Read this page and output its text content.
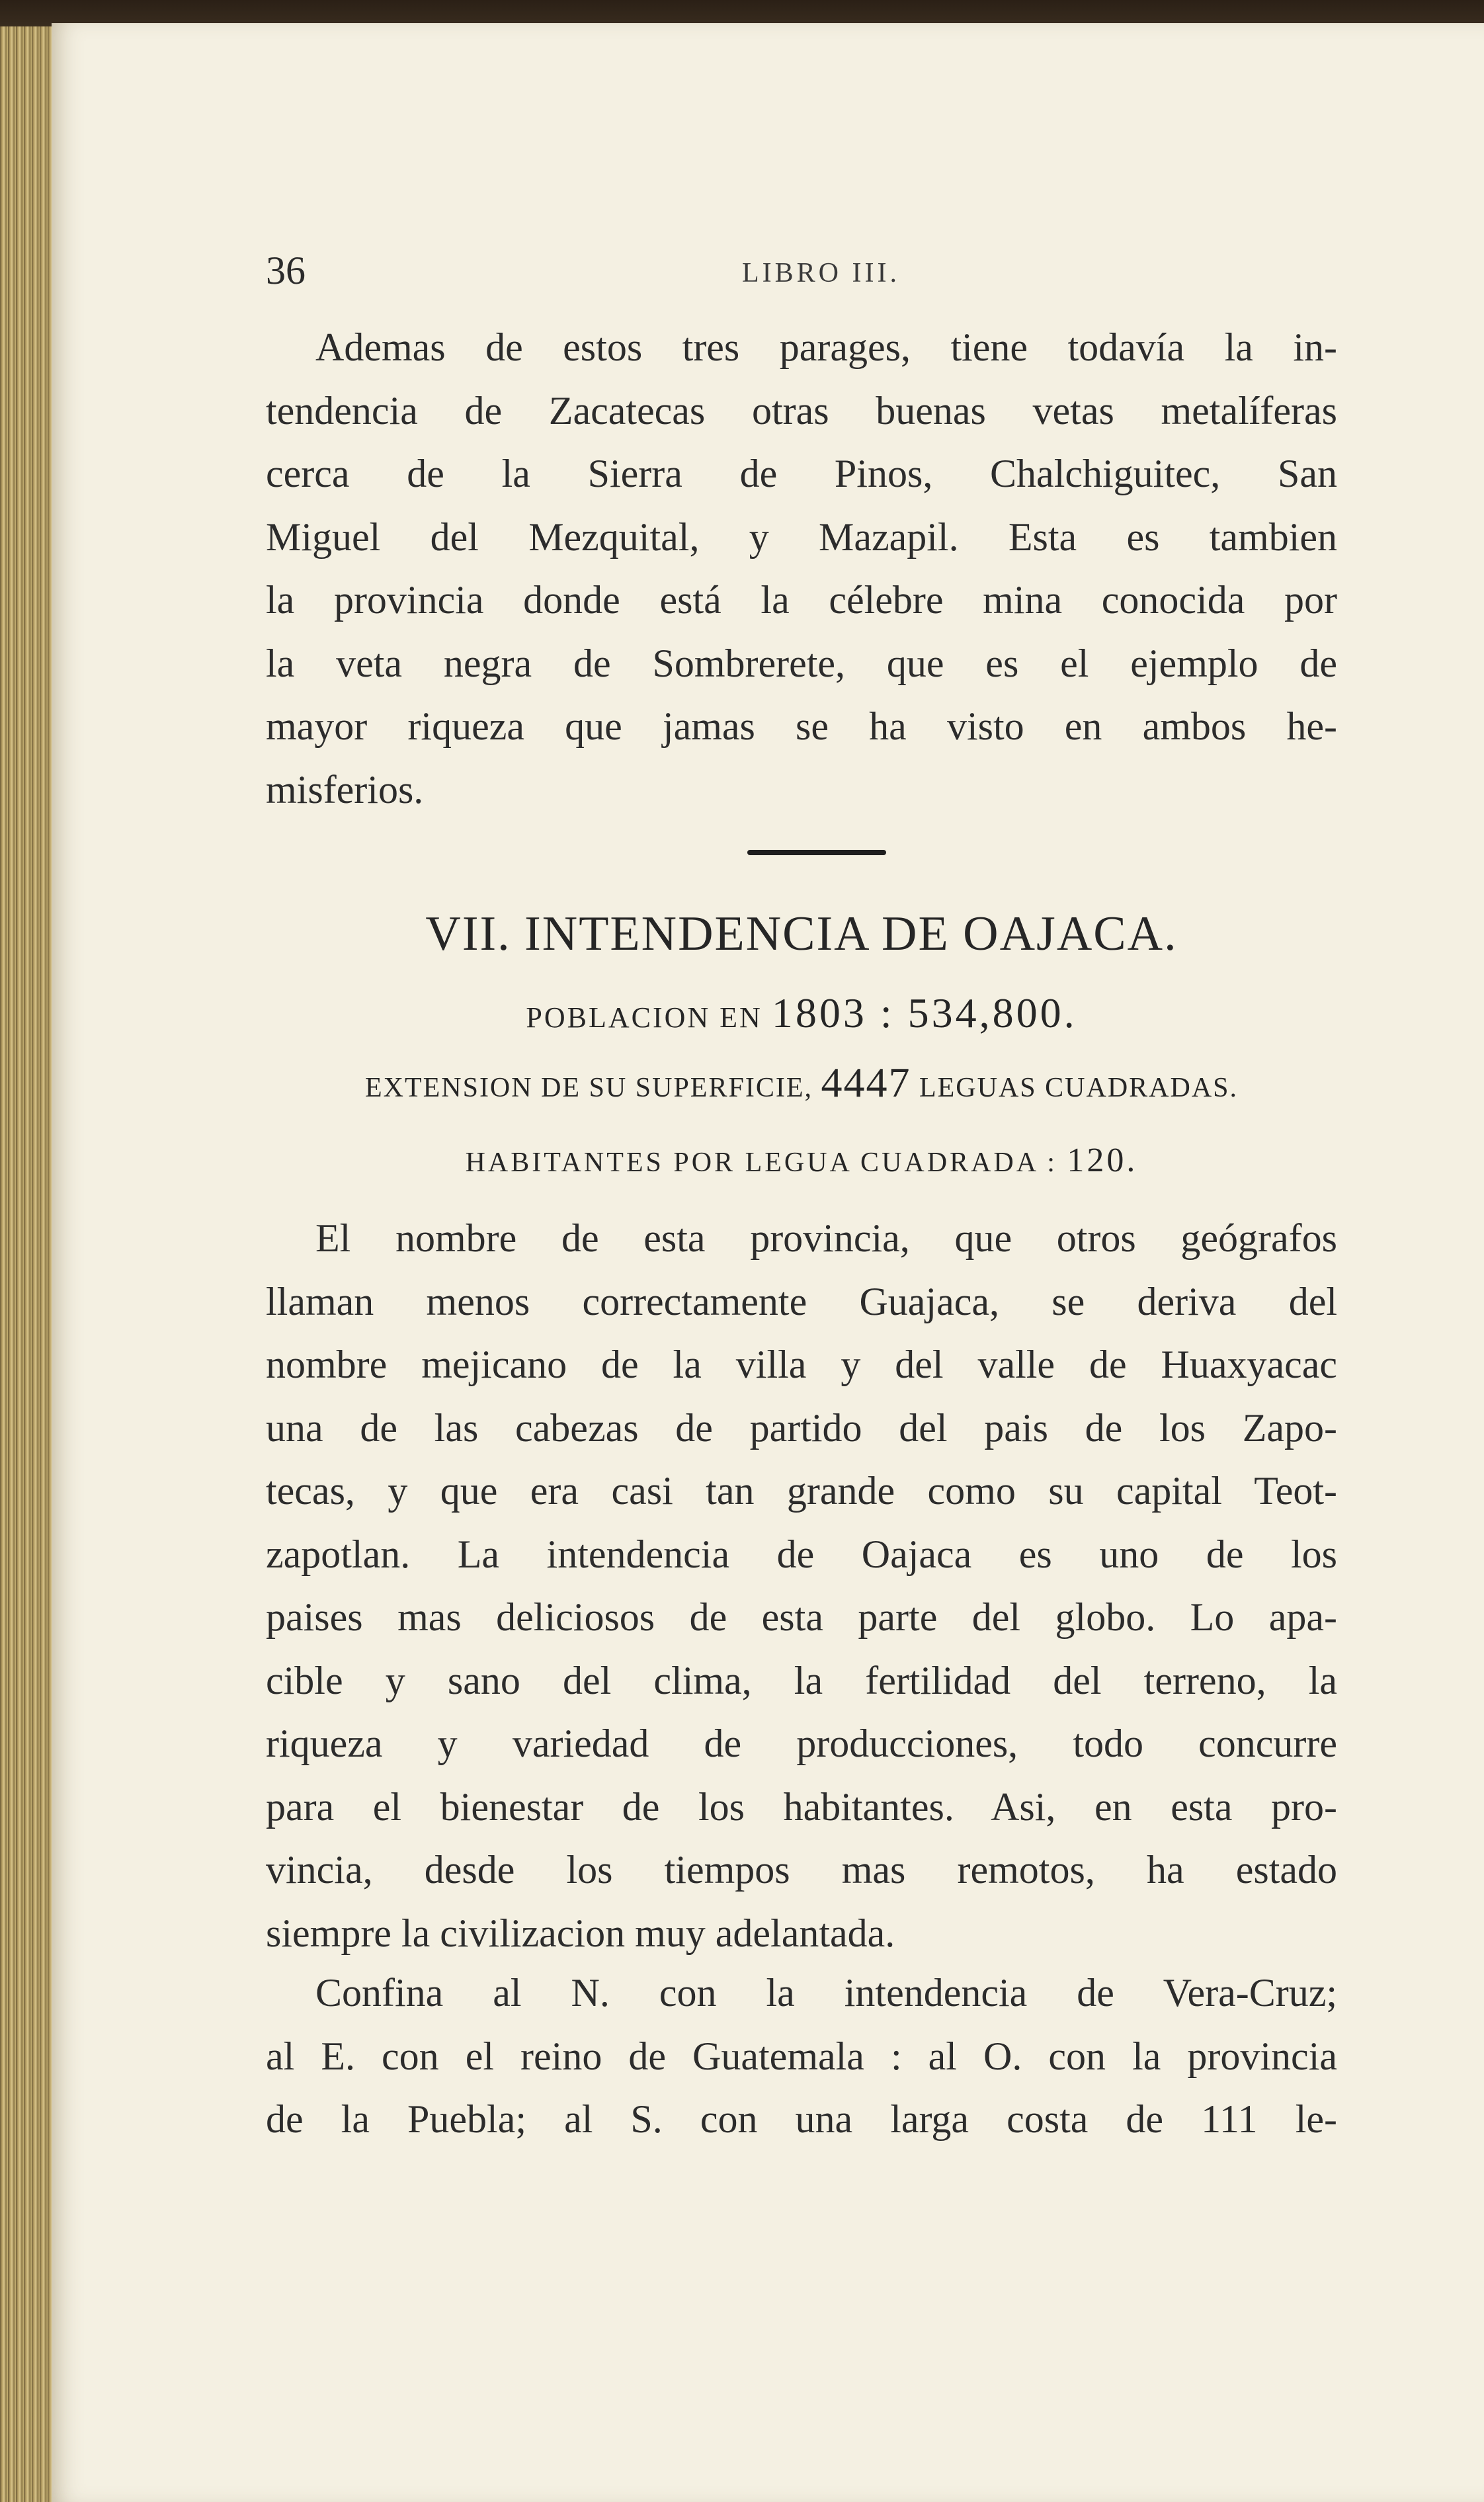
36	LIBRO III.
Ademas de estos tres parages, tiene todavía la in-
tendencia de Zacatecas otras buenas vetas metalíferas
cerca de la Sierra de Pinos, Chalchiguitec, San
Miguel del Mezquital, y Mazapil. Esta es tambien
la provincia donde está la célebre mina conocida por
la veta negra de Sombrerete, que es el ejemplo de
mayor riqueza que jamas se ha visto en ambos he-
misferios.

VII. INTENDENCIA DE OAJACA.

POBLACION EN 1803 : 534,800.

EXTENSION DE SU SUPERFICIE, 4447 LEGUAS CUADRADAS.

HABITANTES POR LEGUA CUADRADA : 120.

El nombre de esta provincia, que otros geógrafos
llaman menos correctamente Guajaca, se deriva del
nombre mejicano de la villa y del valle de Huaxyacac
una de las cabezas de partido del pais de los Zapo-
tecas, y que era casi tan grande como su capital Teot-
zapotlan. La intendencia de Oajaca es uno de los
paises mas deliciosos de esta parte del globo. Lo apa-
cible y sano del clima, la fertilidad del terreno, la
riqueza y variedad de producciones, todo concurre
para el bienestar de los habitantes. Asi, en esta pro-
vincia, desde los tiempos mas remotos, ha estado
siempre la civilizacion muy adelantada.
Confina al N. con la intendencia de Vera-Cruz;
al E. con el reino de Guatemala : al O. con la provincia
de la Puebla; al S. con una larga costa de 111 le-
